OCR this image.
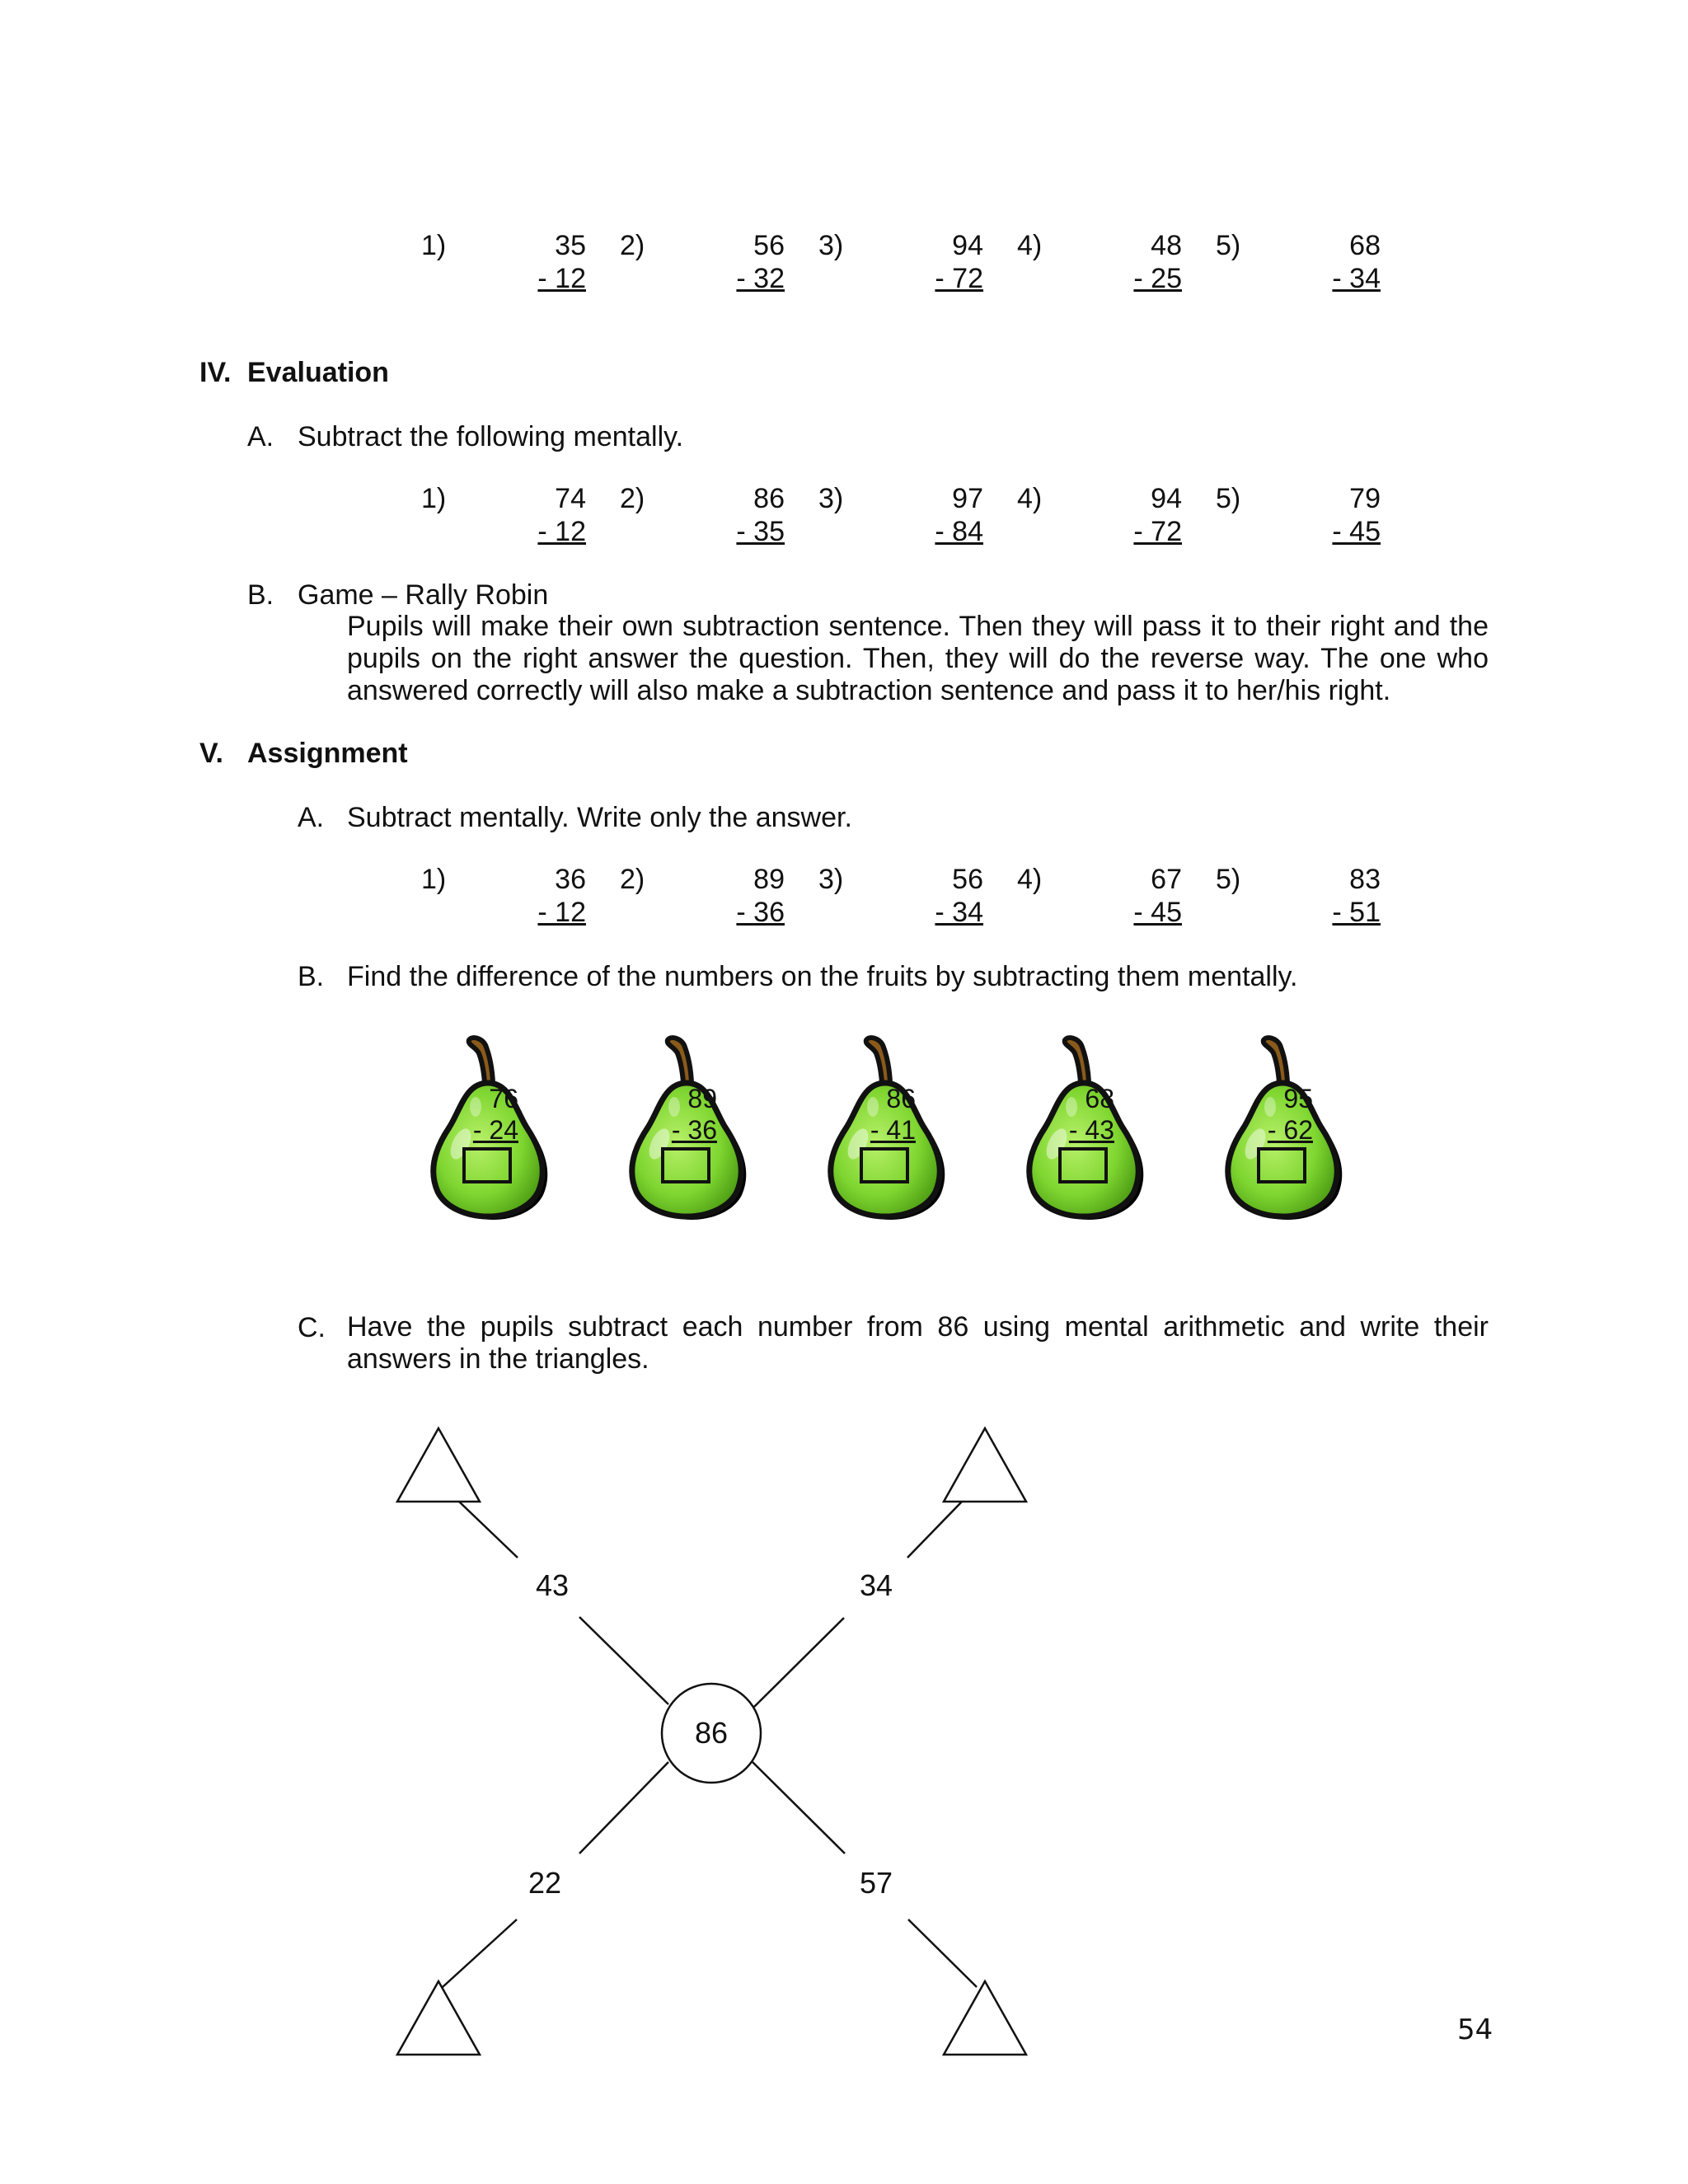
1)	35
- 12
2)	56
- 32
3)	94
- 72
4)	48
- 25
5)	68
- 34
IV. Evaluation
A. Subtract the following mentally.
1)	74
- 12
2)	86
- 35
3)	97
- 84
4)	94
- 72
5)	79
- 45
B. Game – Rally Robin
Pupils will make their own subtraction sentence. Then they will pass it to their right and the pupils on the right answer the question. Then, they will do the reverse way. The one who answered correctly will also make a subtraction sentence and pass it to her/his right.
V. Assignment
A. Subtract mentally. Write only the answer.
1)	36
- 12
2)	89
- 36
3)	56
- 34
4)	67
- 45
5)	83
- 51
B. Find the difference of the numbers on the fruits by subtracting them mentally.
76
- 24
89
- 36
86
- 41
68
- 43
95
- 62
C. Have the pupils subtract each number from 86 using mental arithmetic and write their answers in the triangles.
86
43	34
22	57
54
